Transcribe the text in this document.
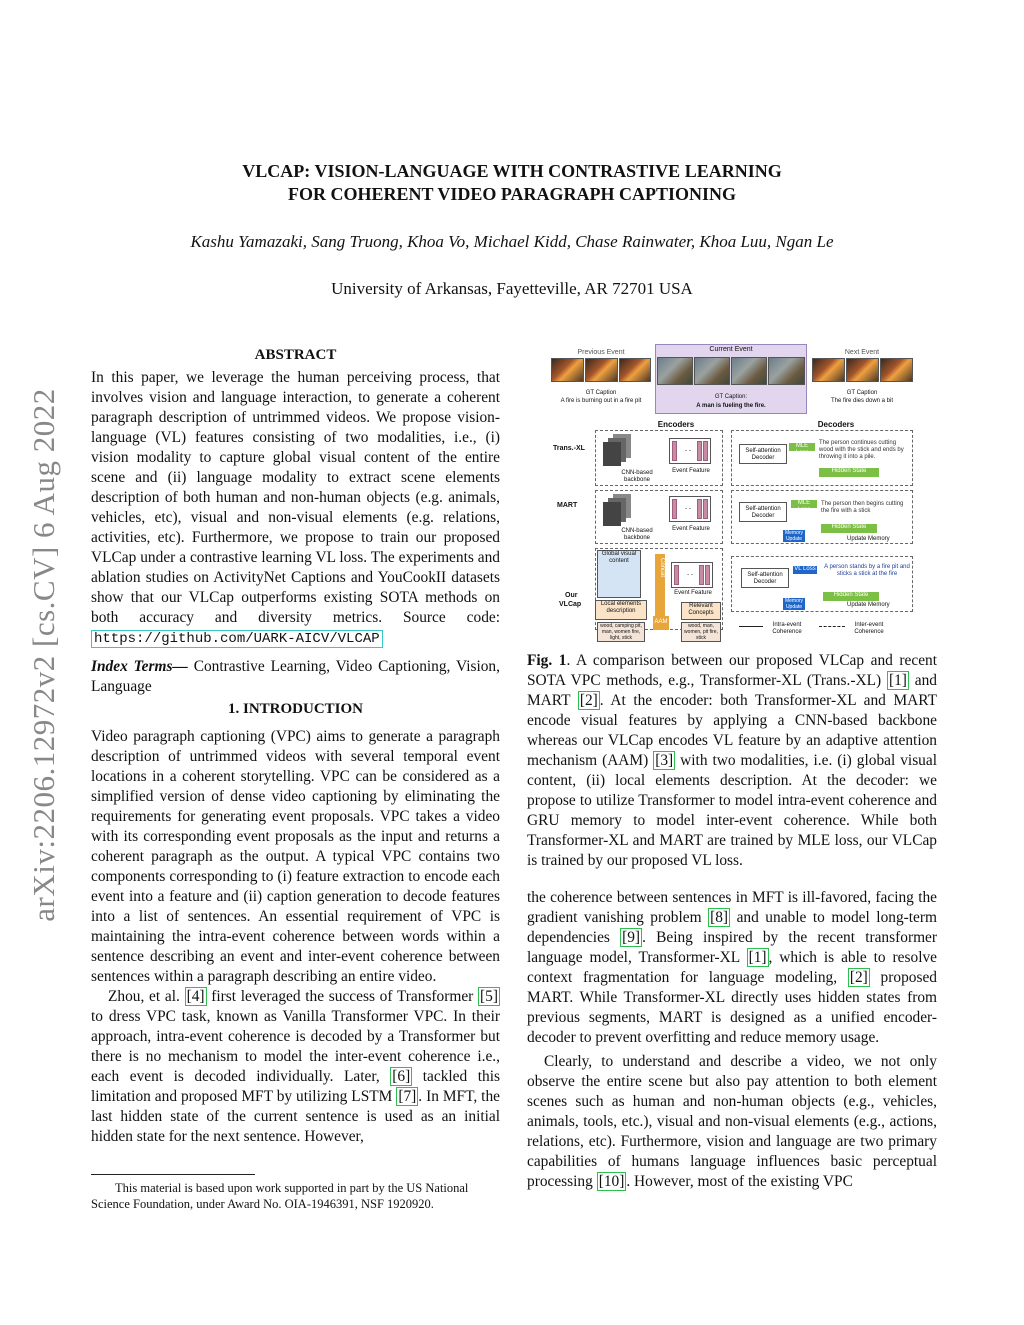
VLCAP: VISION-LANGUAGE WITH CONTRASTIVE LEARNING
FOR COHERENT VIDEO PARAGRAPH CAPTIONING
Kashu Yamazaki, Sang Truong, Khoa Vo, Michael Kidd, Chase Rainwater, Khoa Luu, Ngan Le
University of Arkansas, Fayetteville, AR 72701 USA
arXiv:2206.12972v2 [cs.CV] 6 Aug 2022
ABSTRACT

In this paper, we leverage the human perceiving process, that involves vision and language interaction, to generate a coherent paragraph description of untrimmed videos. We propose vision-language (VL) features consisting of two modalities, i.e., (i) vision modality to capture global visual content of the entire scene and (ii) language modality to extract scene elements description of both human and non-human objects (e.g. animals, vehicles, etc), visual and non-visual elements (e.g. relations, activities, etc). Furthermore, we propose to train our proposed VLCap under a contrastive learning VL loss. The experiments and ablation studies on ActivityNet Captions and YouCookII datasets show that our VLCap outperforms existing SOTA methods on both accuracy and diversity metrics. Source code: https://github.com/UARK-AICV/VLCAP

Index Terms— Contrastive Learning, Video Captioning, Vision, Language

1. INTRODUCTION

Video paragraph captioning (VPC) aims to generate a paragraph description of untrimmed videos with several temporal event locations in a coherent storytelling. VPC can be considered as a simplified version of dense video captioning by eliminating the requirements for generating event proposals. VPC takes a video with its corresponding event proposals as the input and returns a coherent paragraph as the output. A typical VPC contains two components corresponding to (i) feature extraction to encode each event into a feature and (ii) caption generation to decode features into a list of sentences. An essential requirement of VPC is maintaining the intra-event coherence between words within a sentence describing an event and inter-event coherence between sentences within a paragraph describing an entire video.

Zhou, et al. [4] first leveraged the success of Transformer [5] to dress VPC task, known as Vanilla Transformer VPC. In their approach, intra-event coherence is decoded by a Transformer but there is no mechanism to model the inter-event coherence i.e., each event is decoded individually. Later, [6] tackled this limitation and proposed MFT by utilizing LSTM [7] . In MFT, the last hidden state of the current sentence is used as an initial hidden state for the next sentence. However,

This material is based upon work supported in part by the US National Science Foundation, under Award No. OIA-1946391, NSF 1920920.
Previous Event
GT Caption
A fire is burning out in a fire pit
Current Event
GT Caption:
A man is fueling the fire.
Next Event
GT Caption
The fire dies down a bit
Encoders	Decoders
Trans.-XL
CNN-based backbone
- -
Event Feature
Self-attention Decoder
MLE Loss
The person continues cutting wood with the stick and ends by throwing it into a pile.
Hidden State
MART
CNN-based backbone
- -
Event Feature
Self-attention Decoder
MLE Loss
The person then begins cutting the fire with a stick
Hidden State
Memory Update	Update Memory
Our
VLCap
Global visual content	Concat	- -
Event Feature
Local elements description
wood, camping pit, man, women fire, light, stick
AAM
Relevant Concepts
wood, man, women, pit fire, stick
Self-attention Decoder
VL Loss A person stands by a fire pit and sticks a stick at the fire
Hidden State
Memory Update	Update Memory
Intra-event Coherence
Inter-event Coherence

Fig. 1. A comparison between our proposed VLCap and recent SOTA VPC methods, e.g., Transformer-XL (Trans.-XL) [1] and MART [2] . At the encoder: both Transformer-XL and MART encode visual features by applying a CNN-based backbone whereas our VLCap encodes VL feature by an adaptive attention mechanism (AAM) [3] with two modalities, i.e. (i) global visual content, (ii) local elements description. At the decoder: we propose to utilize Transformer to model intra-event coherence and GRU memory to model inter-event coherence. While both Transformer-XL and MART are trained by MLE loss, our VLCap is trained by our proposed VL loss.

the coherence between sentences in MFT is ill-favored, facing the gradient vanishing problem [8] and unable to model long-term dependencies [9] . Being inspired by the recent transformer language model, Transformer-XL [1] , which is able to resolve context fragmentation for language modeling, [2] proposed MART. While Transformer-XL directly uses hidden states from previous segments, MART is designed as a unified encoder-decoder to prevent overfitting and reduce memory usage.

Clearly, to understand and describe a video, we not only observe the entire scene but also pay attention to both element scenes such as human and non-human objects (e.g., vehicles, animals, tools, etc.), visual and non-visual elements (e.g., actions, relations, etc). Furthermore, vision and language are two primary capabilities of humans language influences basic perceptual processing [10] . However, most of the existing VPC
